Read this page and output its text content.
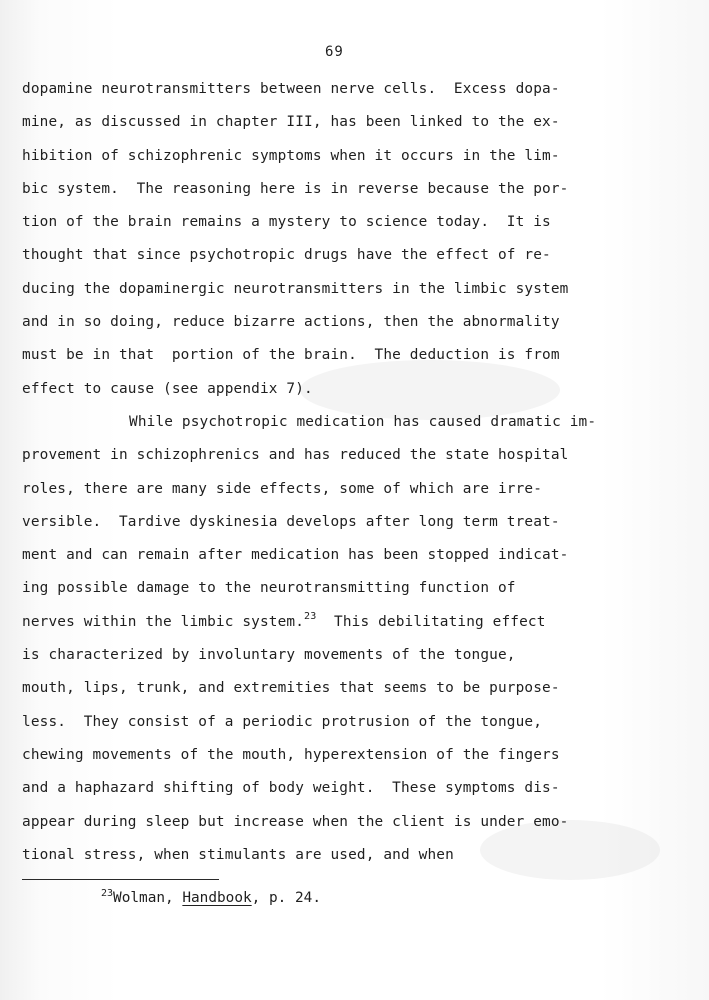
69
dopamine neurotransmitters between nerve cells.  Excess dopa-
mine, as discussed in chapter III, has been linked to the ex-
hibition of schizophrenic symptoms when it occurs in the lim-
bic system.  The reasoning here is in reverse because the por-
tion of the brain remains a mystery to science today.  It is
thought that since psychotropic drugs have the effect of re-
ducing the dopaminergic neurotransmitters in the limbic system
and in so doing, reduce bizarre actions, then the abnormality
must be in that  portion of the brain.  The deduction is from
effect to cause (see appendix 7).
While psychotropic medication has caused dramatic im-
provement in schizophrenics and has reduced the state hospital
roles, there are many side effects, some of which are irre-
versible.  Tardive dyskinesia develops after long term treat-
ment and can remain after medication has been stopped indicat-
ing possible damage to the neurotransmitting function of
nerves within the limbic system.$^{23}$  This debilitating effect
is characterized by involuntary movements of the tongue,
mouth, lips, trunk, and extremities that seems to be purpose-
less.  They consist of a periodic protrusion of the tongue,
chewing movements of the mouth, hyperextension of the fingers
and a haphazard shifting of body weight.  These symptoms dis-
appear during sleep but increase when the client is under emo-
tional stress, when stimulants are used, and when
$^{23}$Wolman, Handbook, p. 24.
